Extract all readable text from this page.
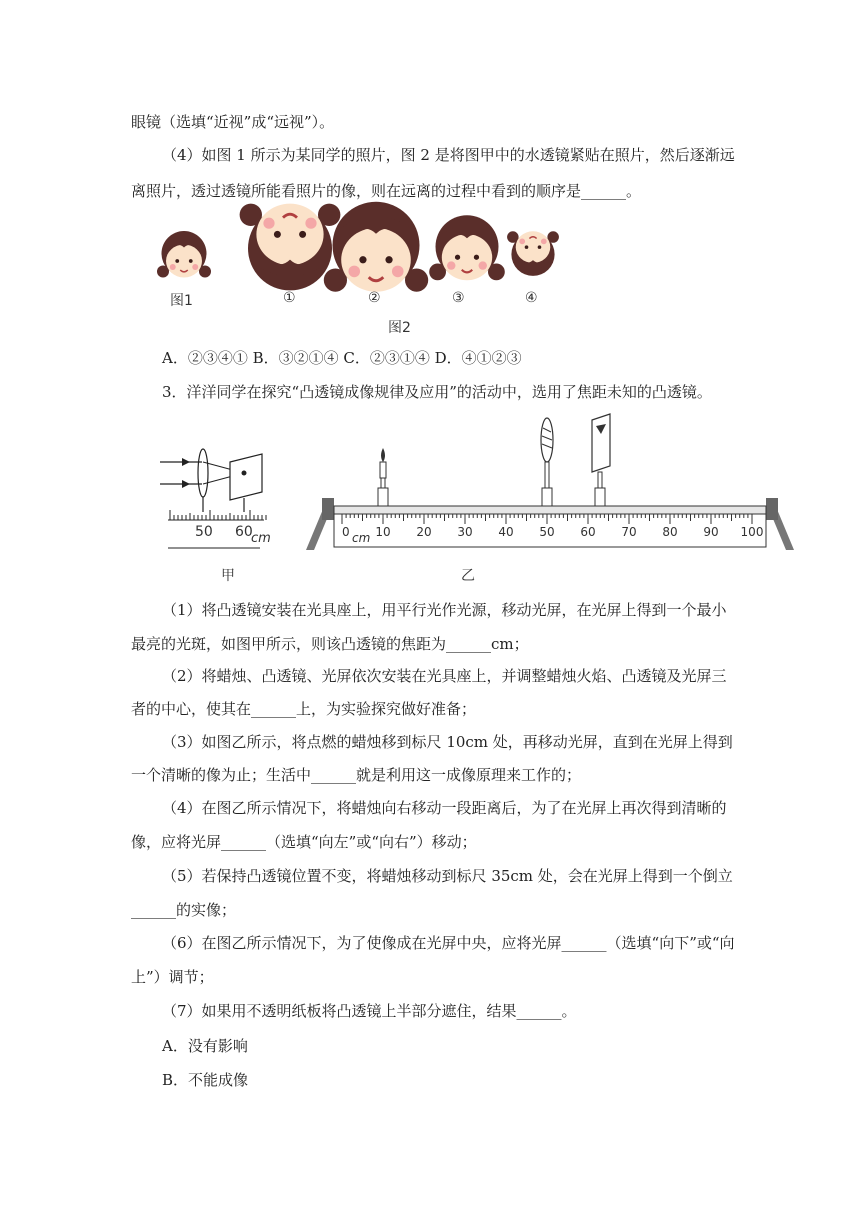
眼镜（选填“近视”成“远视”）。
（4）如图 1 所示为某同学的照片，图 2 是将图甲中的水透镜紧贴在照片，然后逐渐远
离照片，透过透镜所能看照片的像，则在远离的过程中看到的顺序是______。
图1	①	②	③	④
图2
A．②③④① B．③②①④ C．②③①④ D．④①②③
3．洋洋同学在探究“凸透镜成像规律及应用”的活动中，选用了焦距未知的凸透镜。
50 60
cm
甲
0 10 20 30 40 50 60 70 80 90 100
cm
乙
（1）将凸透镜安装在光具座上，用平行光作光源，移动光屏，在光屏上得到一个最小
最亮的光斑，如图甲所示，则该凸透镜的焦距为______cm；
（2）将蜡烛、凸透镜、光屏依次安装在光具座上，并调整蜡烛火焰、凸透镜及光屏三
者的中心，使其在______上，为实验探究做好准备；
（3）如图乙所示，将点燃的蜡烛移到标尺 10cm 处，再移动光屏，直到在光屏上得到
一个清晰的像为止；生活中______就是利用这一成像原理来工作的；
（4）在图乙所示情况下，将蜡烛向右移动一段距离后，为了在光屏上再次得到清晰的
像，应将光屏______（选填“向左”或“向右”）移动；
（5）若保持凸透镜位置不变，将蜡烛移动到标尺 35cm 处，会在光屏上得到一个倒立
______的实像；
（6）在图乙所示情况下，为了使像成在光屏中央，应将光屏______（选填“向下”或“向
上”）调节；
（7）如果用不透明纸板将凸透镜上半部分遮住，结果______。
A．没有影响
B．不能成像
